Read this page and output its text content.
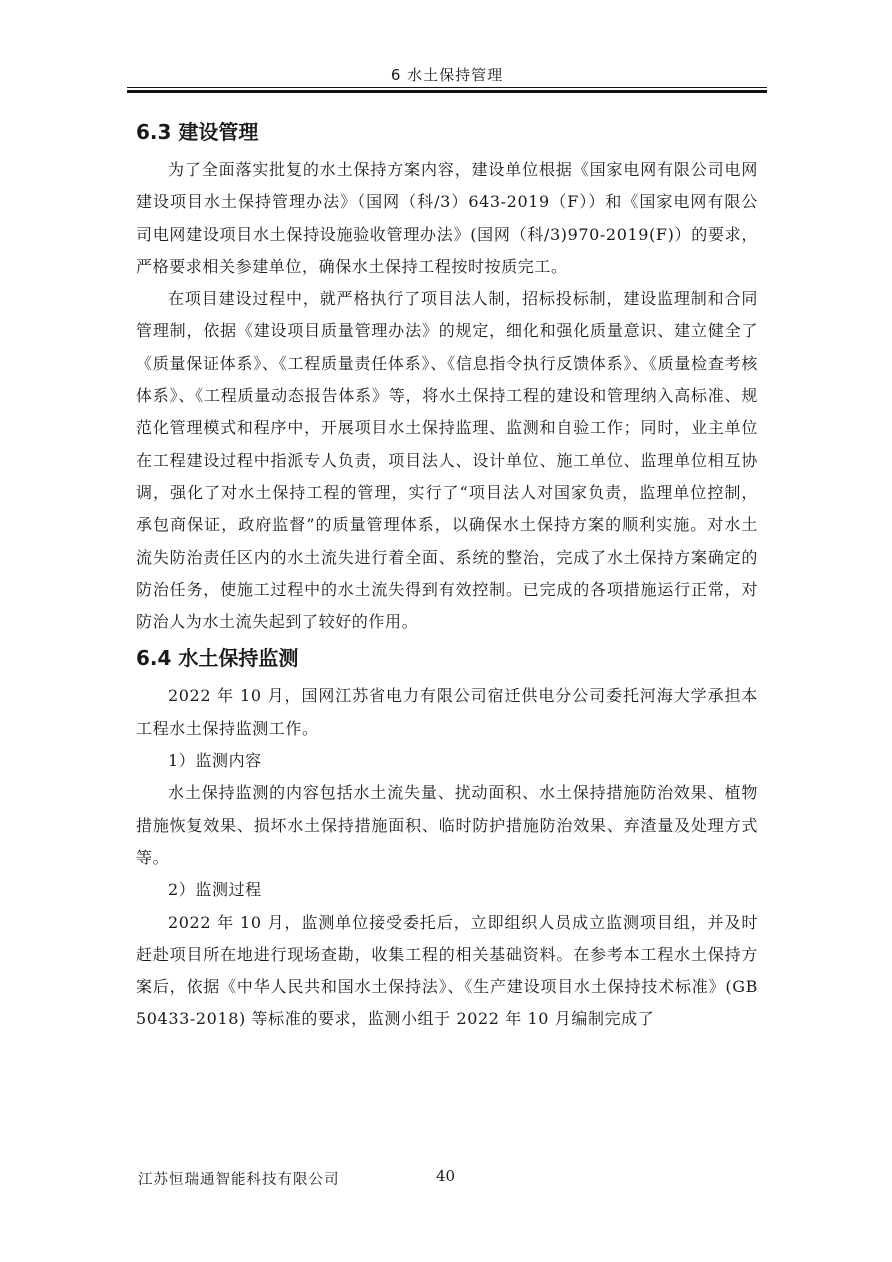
6 水土保持管理
6.3 建设管理

为了全面落实批复的水土保持方案内容，建设单位根据《国家电网有限公司电网建设项目水土保持管理办法》（国网（科/3）643-2019（F））和《国家电网有限公司电网建设项目水土保持设施验收管理办法》(国网（科/3)970-2019(F)）的要求，严格要求相关参建单位，确保水土保持工程按时按质完工。

在项目建设过程中，就严格执行了项目法人制，招标投标制，建设监理制和合同管理制，依据《建设项目质量管理办法》的规定，细化和强化质量意识、建立健全了《质量保证体系》、《工程质量责任体系》、《信息指令执行反馈体系》、《质量检查考核体系》、《工程质量动态报告体系》等，将水土保持工程的建设和管理纳入高标准、规范化管理模式和程序中，开展项目水土保持监理、监测和自验工作；同时，业主单位在工程建设过程中指派专人负责，项目法人、设计单位、施工单位、监理单位相互协调，强化了对水土保持工程的管理，实行了“项目法人对国家负责，监理单位控制，承包商保证，政府监督”的质量管理体系，以确保水土保持方案的顺利实施。对水土流失防治责任区内的水土流失进行着全面、系统的整治，完成了水土保持方案确定的防治任务，使施工过程中的水土流失得到有效控制。已完成的各项措施运行正常，对防治人为水土流失起到了较好的作用。

6.4 水土保持监测

2022 年 10 月，国网江苏省电力有限公司宿迁供电分公司委托河海大学承担本工程水土保持监测工作。

1）监测内容

水土保持监测的内容包括水土流失量、扰动面积、水土保持措施防治效果、植物措施恢复效果、损坏水土保持措施面积、临时防护措施防治效果、弃渣量及处理方式等。

2）监测过程

2022 年 10 月，监测单位接受委托后，立即组织人员成立监测项目组，并及时赶赴项目所在地进行现场查勘，收集工程的相关基础资料。在参考本工程水土保持方案后，依据《中华人民共和国水土保持法》、《生产建设项目水土保持技术标准》(GB 50433-2018) 等标准的要求，监测小组于 2022 年 10 月编制完成了

江苏恒瑞通智能科技有限公司	40
